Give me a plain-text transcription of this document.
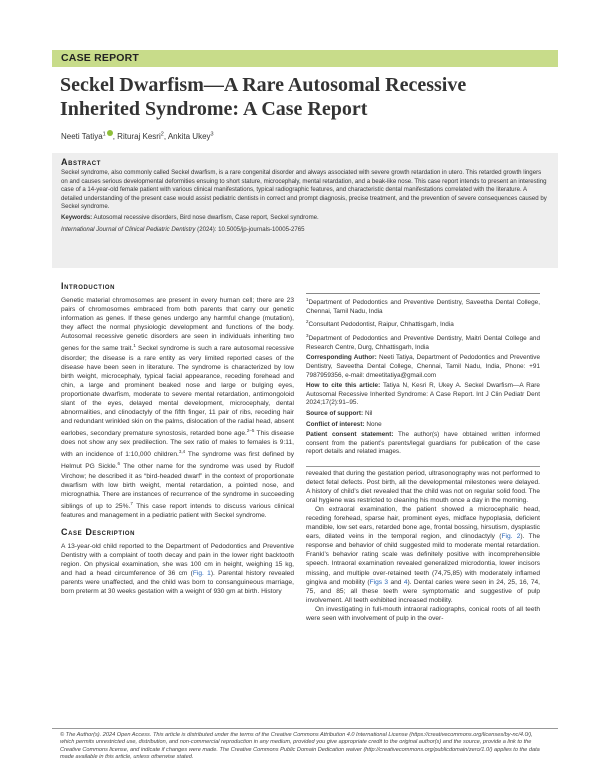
CASE REPORT
Seckel Dwarfism—A Rare Autosomal Recessive Inherited Syndrome: A Case Report
Neeti Tatiya$^1$ , Rituraj Kesri$^2$, Ankita Ukey$^3$
Abstract

Seckel syndrome, also commonly called Seckel dwarfism, is a rare congenital disorder and always associated with severe growth retardation in utero. This retarded growth lingers on and causes serious developmental deformities ensuing to short stature, microcephaly, mental retardation, and a beak-like nose. This case report intends to present an interesting case of a 14-year-old female patient with various clinical manifestations, typical radiographic features, and characteristic dental manifestations correlated with the literature. A detailed understanding of the present case would assist pediatric dentists in correct and prompt diagnosis, precise treatment, and the prevention of severe consequences caused by Seckel syndrome.

Keywords: Autosomal recessive disorders, Bird nose dwarfism, Case report, Seckel syndrome.

International Journal of Clinical Pediatric Dentistry (2024): 10.5005/jp-journals-10005-2765

Introduction

Genetic material chromosomes are present in every human cell; there are 23 pairs of chromosomes embraced from both parents that carry our genetic information as genes. If these genes undergo any harmful change (mutation), they affect the normal physiologic development and functions of the body. Autosomal recessive genetic disorders are seen in individuals inheriting two genes for the same trait.$^1$ Seckel syndrome is such a rare autosomal recessive disorder; the disease is a rare entity as very limited reported cases of the disease have been seen in literature. The syndrome is characterized by low birth weight, microcephaly, typical facial appearance, receding forehead and chin, a large and prominent beaked nose and large or bulging eyes, proportionate dwarfism, moderate to severe mental retardation, antimongoloid slant of the eyes, delayed mental development, microcephaly, dental abnormalities, and clinodactyly of the fifth finger, 11 pair of ribs, receding hair and redundant wrinkled skin on the palms, dislocation of the radial head, absent earlobes, secondary premature synostosis, retarded bone age.$^{2-5}$ This disease does not show any sex predilection. The sex ratio of males to females is 9:11, with an incidence of 1:10,000 children.$^{3,4}$ The syndrome was first defined by Helmut PG Sickle.$^6$ The other name for the syndrome was used by Rudolf Virchow; he described it as “bird-headed dwarf” in the context of proportionate dwarfism with low birth weight, mental retardation, a pointed nose, and micrognathia. There are instances of recurrence of the syndrome in succeeding siblings of up to 25%.$^7$ This case report intends to discuss various clinical features and management in a pediatric patient with Seckel syndrome.

Case Description

A 13-year-old child reported to the Department of Pedodontics and Preventive Dentistry with a complaint of tooth decay and pain in the lower right backtooth region. On physical examination, she was 100 cm in height, weighing 15 kg, and had a head circumference of 36 cm (Fig. 1). Parental history revealed parents were unaffected, and the child was born to consanguineous marriage, born preterm at 30 weeks gestation with a weight of 930 gm at birth. History

$^1$Department of Pedodontics and Preventive Dentistry, Saveetha Dental College, Chennai, Tamil Nadu, India
$^2$Consultant Pedodontist, Raipur, Chhattisgarh, India
$^3$Department of Pedodontics and Preventive Dentistry, Maitri Dental College and Research Centre, Durg, Chhattisgarh, India
Corresponding Author: Neeti Tatiya, Department of Pedodontics and Preventive Dentistry, Saveetha Dental College, Chennai, Tamil Nadu, India, Phone: +91 7987959356, e-mail: dmeetitatiya@gmail.com
How to cite this article: Tatiya N, Kesri R, Ukey A. Seckel Dwarfism—A Rare Autosomal Recessive Inherited Syndrome: A Case Report. Int J Clin Pediatr Dent 2024;17(2):91–95.
Source of support: Nil
Conflict of interest: None
Patient consent statement: The author(s) have obtained written informed consent from the patient’s parents/legal guardians for publication of the case report details and related images.

revealed that during the gestation period, ultrasonography was not performed to detect fetal defects. Post birth, all the developmental milestones were delayed. A history of child’s diet revealed that the child was not on regular solid food. The oral hygiene was restricted to cleaning his mouth once a day in the morning.

On extraoral examination, the patient showed a microcephalic head, receding forehead, sparse hair, prominent eyes, midface hypoplasia, deficient mandible, low set ears, retarded bone age, frontal bossing, hirsutism, dysplastic ears, dilated veins in the temporal region, and clinodactyly (Fig. 2). The response and behavior of child suggested mild to moderate mental retardation. Frankl’s behavior rating scale was definitely positive with incomprehensible speech. Intraoral examination revealed generalized microdontia, lower incisors missing, and multiple over-retained teeth (74,75,85) with moderately inflamed gingiva and mobility (Figs 3 and 4). Dental caries were seen in 24, 25, 16, 74, 75, and 85; all these teeth were symptomatic and suggestive of pulp involvement. All teeth exhibited increased mobility.

On investigating in full-mouth intraoral radiographs, conical roots of all teeth were seen with involvement of pulp in the over-

© The Author(s). 2024 Open Access. This article is distributed under the terms of the Creative Commons Attribution 4.0 International License (https://creativecommons.org/licenses/by-nc/4.0/), which permits unrestricted use, distribution, and non-commercial reproduction in any medium, provided you give appropriate credit to the original author(s) and the source, provide a link to the Creative Commons license, and indicate if changes were made. The Creative Commons Public Domain Dedication waiver (http://creativecommons.org/publicdomain/zero/1.0/) applies to the data made available in this article, unless otherwise stated.
